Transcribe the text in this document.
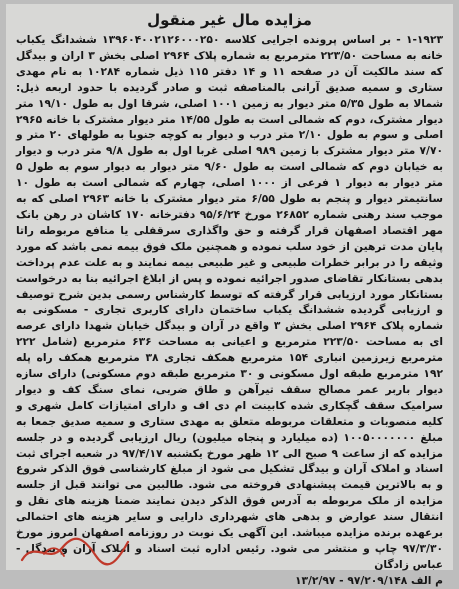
مزایده مال غیر منقول

۱-۱۹۲۳ - بر اساس پرونده اجرایی کلاسه ۱۳۹۶۰۴۰۰۲۱۲۶۰۰۰۲۵۰ ششدانگ یکباب خانه به مساحت ۲۲۳/۵۰ مترمربع به شماره پلاک ۲۹۶۴ اصلی بخش ۳ اران و بیدگل که سند مالکیت آن در صفحه ۱۱ و ۱۴ دفتر ۱۱۵ ذیل شماره ۱۰۲۸۴ به نام مهدی ستاری و سمیه صدیق آرانی بالمناصفه ثبت و صادر گردیده با حدود اربعه ذیل: شمالا به طول ۵/۳۵ متر دیوار به زمین ۱۰۰۱ اصلی، شرقا اول به طول ۱۹/۱۰ متر دیوار مشترک، دوم که شمالی است به طول ۱۴/۵۵ متر دیوار مشترک با خانه ۲۹۶۵ اصلی و سوم به طول ۲/۱۰ متر درب و دیوار به کوچه جنوبا به طولهای ۲۰ متر و ۷/۷۰ متر دیوار مشترک با زمین ۹۸۹ اصلی غربا اول به طول ۹/۸ متر درب و دیوار به خیابان دوم که شمالی است به طول ۹/۶۰ متر دیوار به دیوار سوم به طول ۵ متر دیوار به دیوار ۱ فرعی از ۱۰۰۰ اصلی، چهارم که شمالی است به طول ۱۰ سانتیمتر دیوار و پنجم به طول ۶/۵۵ متر دیوار مشترک با خانه ۲۹۶۳ اصلی که به موجب سند رهنی شماره ۲۶۸۵۲ مورخ ۹۵/۶/۲۴ دفترخانه ۱۷۰ کاشان در رهن بانک مهر اقتصاد اصفهان قرار گرفته و حق واگذاری سرقفلی یا منافع مربوطه راتا پایان مدت ترهین از خود سلب نموده و همچنین ملک فوق بیمه نمی باشد که مورد وثیقه را در برابر خطرات طبیعی و غیر طبیعی بیمه نمایند و به علت عدم پرداخت بدهی بستانکار تقاضای صدور اجرائیه نموده و پس از ابلاغ اجرائیه بنا به درخواست بستانکار مورد ارزیابی قرار گرفته که توسط کارشناس رسمی بدین شرح توصیف و ارزیابی گردیده ششدانگ یکباب ساختمان دارای کاربری تجاری - مسکونی به شماره پلاک ۲۹۶۴ اصلی بخش ۳ واقع در آران و بیدگل خیابان شهدا دارای عرصه ای به مساحت ۲۲۳/۵۰ مترمربع و اعیانی به مساحت ۶۳۶ مترمربع (شامل ۲۲۲ مترمربع زیرزمین انباری ۱۵۴ مترمربع همکف تجاری ۳۸ مترمربع همکف راه پله ۱۹۲ مترمربع طبقه اول مسکونی و ۳۰ مترمربع طبقه دوم مسکونی) دارای سازه دیوار باربر عمر مصالح سقف تیرآهن و طاق ضربی، نمای سنگ کف و دیوار سرامیک سقف گچکاری شده کابینت ام دی اف و دارای امتیازات کامل شهری و کلیه منصوبات و متعلقات مربوطه متعلق به مهدی ستاری و سمیه صدیق جمعا به مبلغ ۱۰۰۵۰۰۰۰۰۰۰ (ده میلیارد و پنجاه میلیون) ریال ارزیابی گردیده و در جلسه مزایده که از ساعت ۹ صبح الی ۱۲ ظهر مورخ یکشنبه ۹۷/۴/۱۷ در شعبه اجرای ثبت اسناد و املاک آران و بیدگل تشکیل می شود از مبلغ کارشناسی فوق الذکر شروع و به بالاترین قیمت پیشنهادی فروخته می شود. طالبین می توانند قبل از جلسه مزایده از ملک مربوطه به آدرس فوق الذکر دیدن نمایند ضمنا هزینه های نقل و انتقال سند عوارض و بدهی های شهرداری دارایی و سایر هزینه های احتمالی برعهده برنده مزایده میباشد. این آگهی یک نوبت در روزنامه اصفهان امروز مورخ ۹۷/۳/۳۰ چاپ و منتشر می شود. رئیس اداره ثبت اسناد و املاک آران و بیدگل - عباس زادگان

م الف ۹۷/۲۰۹/۱۴۸ - ۱۳/۲/۹۷
